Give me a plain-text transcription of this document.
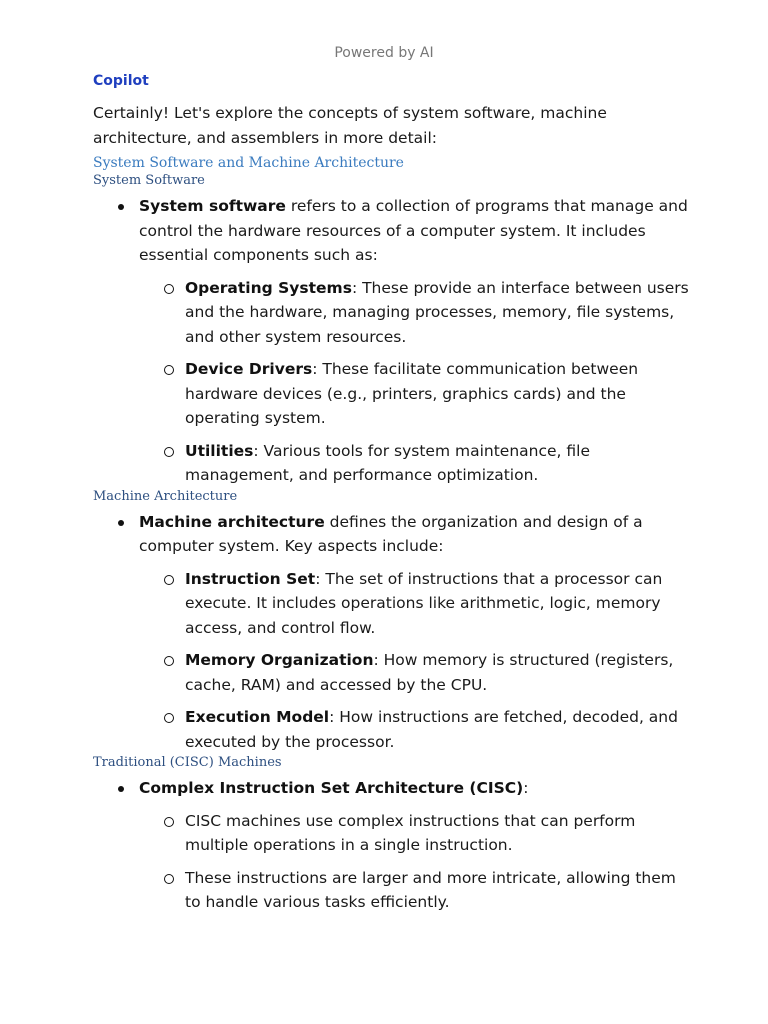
Powered by AI
Copilot

Certainly! Let's explore the concepts of system software, machine architecture, and assemblers in more detail:

System Software and Machine Architecture
System Software
System software refers to a collection of programs that manage and control the hardware resources of a computer system. It includes essential components such as:
Operating Systems: These provide an interface between users and the hardware, managing processes, memory, file systems, and other system resources.
Device Drivers: These facilitate communication between hardware devices (e.g., printers, graphics cards) and the operating system.
Utilities: Various tools for system maintenance, file management, and performance optimization.
Machine Architecture
Machine architecture defines the organization and design of a computer system. Key aspects include:
Instruction Set: The set of instructions that a processor can execute. It includes operations like arithmetic, logic, memory access, and control flow.
Memory Organization: How memory is structured (registers, cache, RAM) and accessed by the CPU.
Execution Model: How instructions are fetched, decoded, and executed by the processor.
Traditional (CISC) Machines
Complex Instruction Set Architecture (CISC):
CISC machines use complex instructions that can perform multiple operations in a single instruction.
These instructions are larger and more intricate, allowing them to handle various tasks efficiently.
